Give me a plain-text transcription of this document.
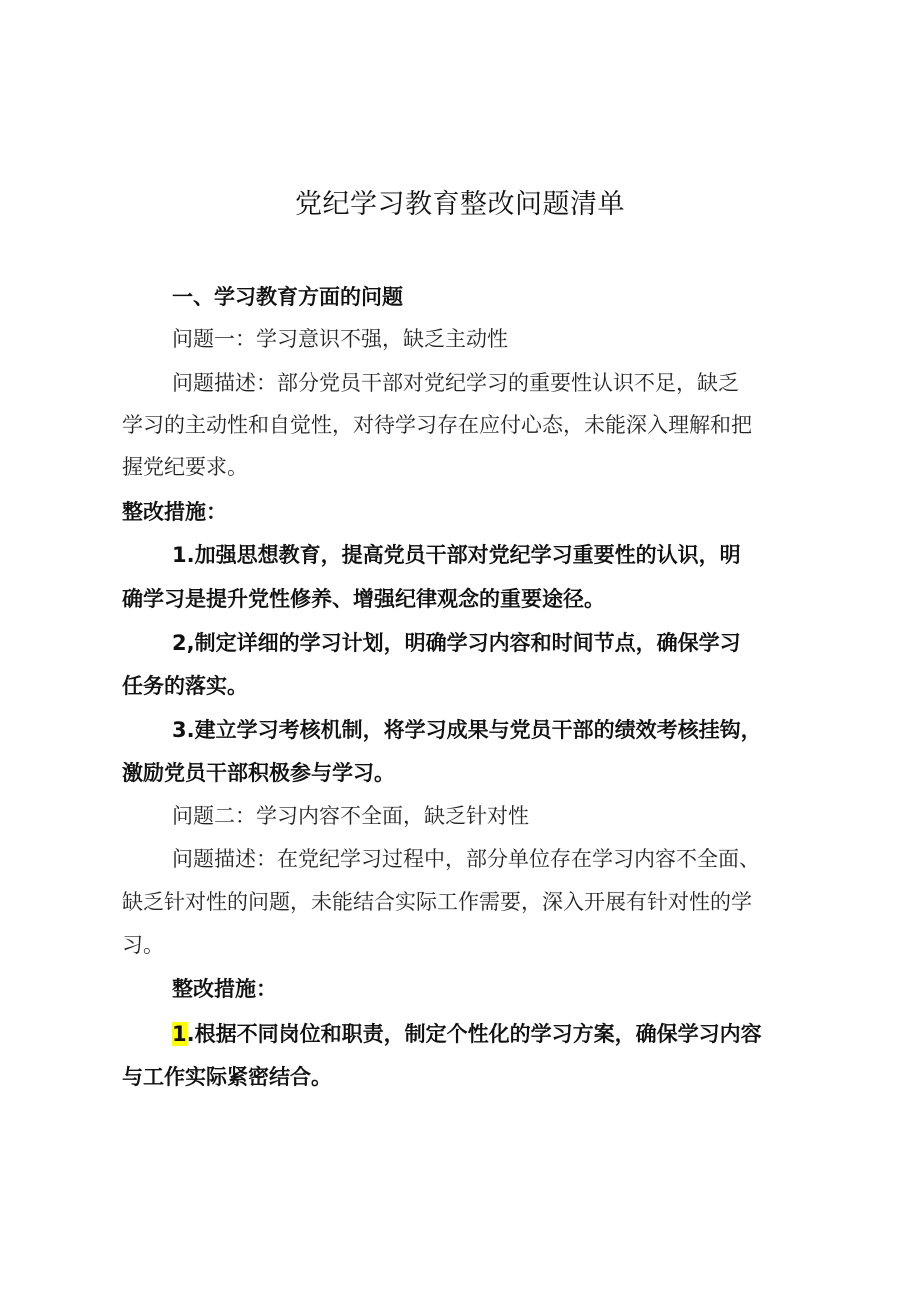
党纪学习教育整改问题清单
一、学习教育方面的问题
问题一：学习意识不强，缺乏主动性
问题描述：部分党员干部对党纪学习的重要性认识不足，缺乏
学习的主动性和自觉性，对待学习存在应付心态，未能深入理解和把
握党纪要求。
整改措施：
1.加强思想教育，提高党员干部对党纪学习重要性的认识，明
确学习是提升党性修养、增强纪律观念的重要途径。
2,制定详细的学习计划，明确学习内容和时间节点，确保学习
任务的落实。
3.建立学习考核机制，将学习成果与党员干部的绩效考核挂钩，
激励党员干部积极参与学习。
问题二：学习内容不全面，缺乏针对性
问题描述：在党纪学习过程中，部分单位存在学习内容不全面、
缺乏针对性的问题，未能结合实际工作需要，深入开展有针对性的学
习。
整改措施：
1.根据不同岗位和职责，制定个性化的学习方案，确保学习内容
与工作实际紧密结合。
